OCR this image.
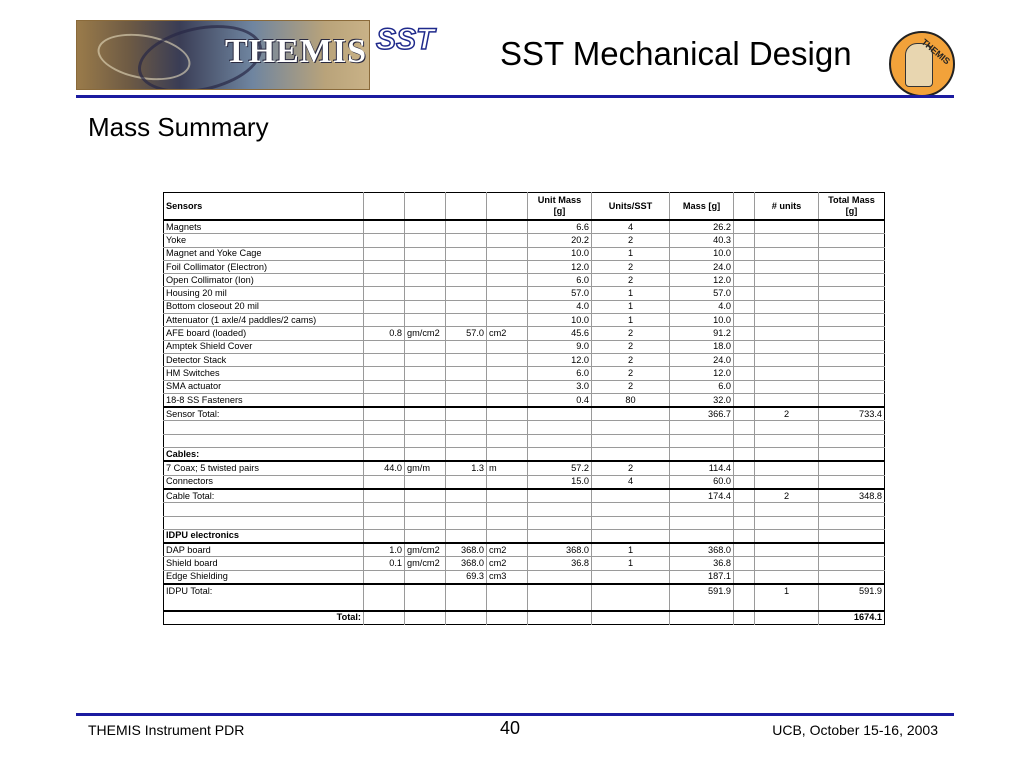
THEMIS SST SST Mechanical Design	THEMIS
Mass Summary
Sensors					Unit Mass
[g]	Units/SST	Mass [g]		# units	Total Mass
[g]
Magnets					6.6	4	26.2			
Yoke					20.2	2	40.3			
Magnet and Yoke Cage					10.0	1	10.0			
Foil Collimator (Electron)					12.0	2	24.0			
Open Collimator (Ion)					6.0	2	12.0			
Housing 20 mil					57.0	1	57.0			
Bottom closeout 20 mil					4.0	1	4.0			
Attenuator (1 axle/4 paddles/2 cams)					10.0	1	10.0			
AFE board (loaded)	0.8	gm/cm2	57.0	cm2	45.6	2	91.2			
Amptek Shield Cover					9.0	2	18.0			
Detector Stack					12.0	2	24.0			
HM Switches					6.0	2	12.0			
SMA actuator					3.0	2	6.0			
18-8 SS Fasteners					0.4	80	32.0			
Sensor Total:							366.7		2	733.4

Cables:										
7 Coax; 5 twisted pairs	44.0	gm/m	1.3	m	57.2	2	114.4			
Connectors					15.0	4	60.0			
Cable Total:							174.4		2	348.8

IDPU electronics										
DAP board	1.0	gm/cm2	368.0	cm2	368.0	1	368.0			
Shield board	0.1	gm/cm2	368.0	cm2	36.8	1	36.8			
Edge Shielding			69.3	cm3			187.1			
IDPU Total:							591.9		1	591.9

Total:										1674.1
THEMIS Instrument PDR	40	UCB, October 15-16, 2003
